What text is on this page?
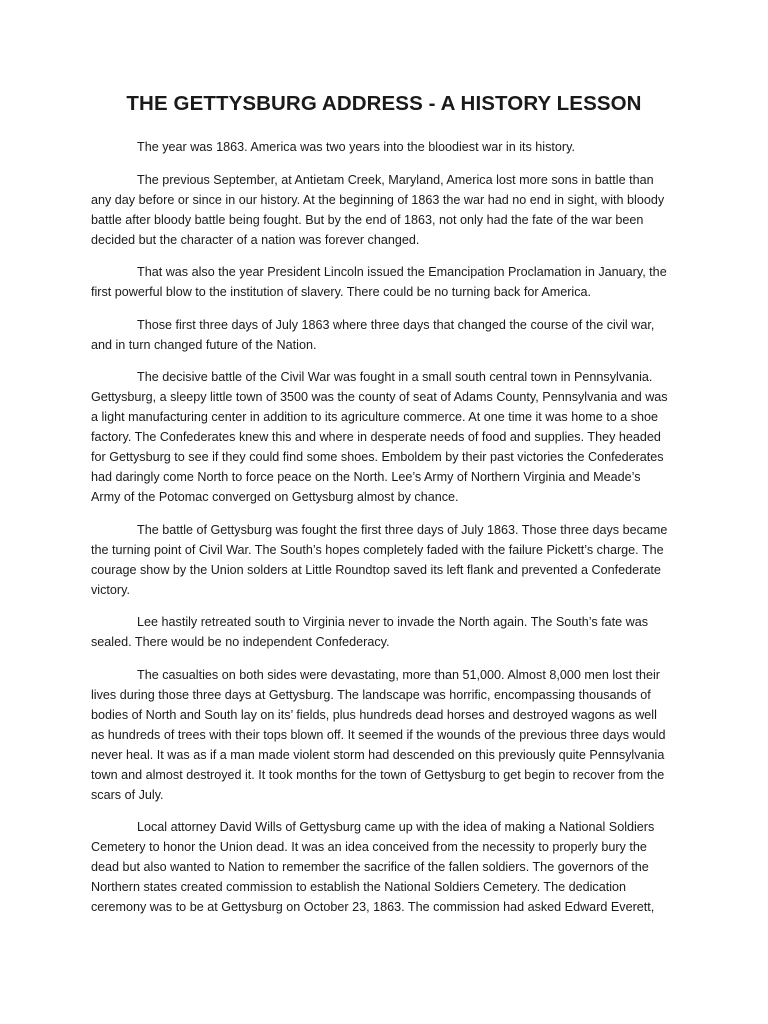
THE GETTYSBURG ADDRESS - A HISTORY LESSON

The year was 1863. America was two years into the bloodiest war in its history.

The previous September, at Antietam Creek, Maryland, America lost more sons in battle than any day before or since in our history. At the beginning of 1863 the war had no end in sight, with bloody battle after bloody battle being fought. But by the end of 1863, not only had the fate of the war been decided but the character of a nation was forever changed.

That was also the year President Lincoln issued the Emancipation Proclamation in January, the first powerful blow to the institution of slavery. There could be no turning back for America.

Those first three days of July 1863 where three days that changed the course of the civil war, and in turn changed future of the Nation.

The decisive battle of the Civil War was fought in a small south central town in Pennsylvania. Gettysburg, a sleepy little town of 3500 was the county of seat of Adams County, Pennsylvania and was a light manufacturing center in addition to its agriculture commerce. At one time it was home to a shoe factory. The Confederates knew this and where in desperate needs of food and supplies. They headed for Gettysburg to see if they could find some shoes. Emboldem by their past victories the Confederates had daringly come North to force peace on the North. Lee’s Army of Northern Virginia and Meade’s Army of the Potomac converged on Gettysburg almost by chance.

The battle of Gettysburg was fought the first three days of July 1863. Those three days became the turning point of Civil War. The South’s hopes completely faded with the failure Pickett’s charge. The courage show by the Union solders at Little Roundtop saved its left flank and prevented a Confederate victory.

Lee hastily retreated south to Virginia never to invade the North again. The South’s fate was sealed. There would be no independent Confederacy.

The casualties on both sides were devastating, more than 51,000. Almost 8,000 men lost their lives during those three days at Gettysburg. The landscape was horrific, encompassing thousands of bodies of North and South lay on its’ fields, plus hundreds dead horses and destroyed wagons as well as hundreds of trees with their tops blown off. It seemed if the wounds of the previous three days would never heal. It was as if a man made violent storm had descended on this previously quite Pennsylvania town and almost destroyed it. It took months for the town of Gettysburg to get begin to recover from the scars of July.

Local attorney David Wills of Gettysburg came up with the idea of making a National Soldiers Cemetery to honor the Union dead. It was an idea conceived from the necessity to properly bury the dead but also wanted to Nation to remember the sacrifice of the fallen soldiers. The governors of the Northern states created commission to establish the National Soldiers Cemetery. The dedication ceremony was to be at Gettysburg on October 23, 1863. The commission had asked Edward Everett,
